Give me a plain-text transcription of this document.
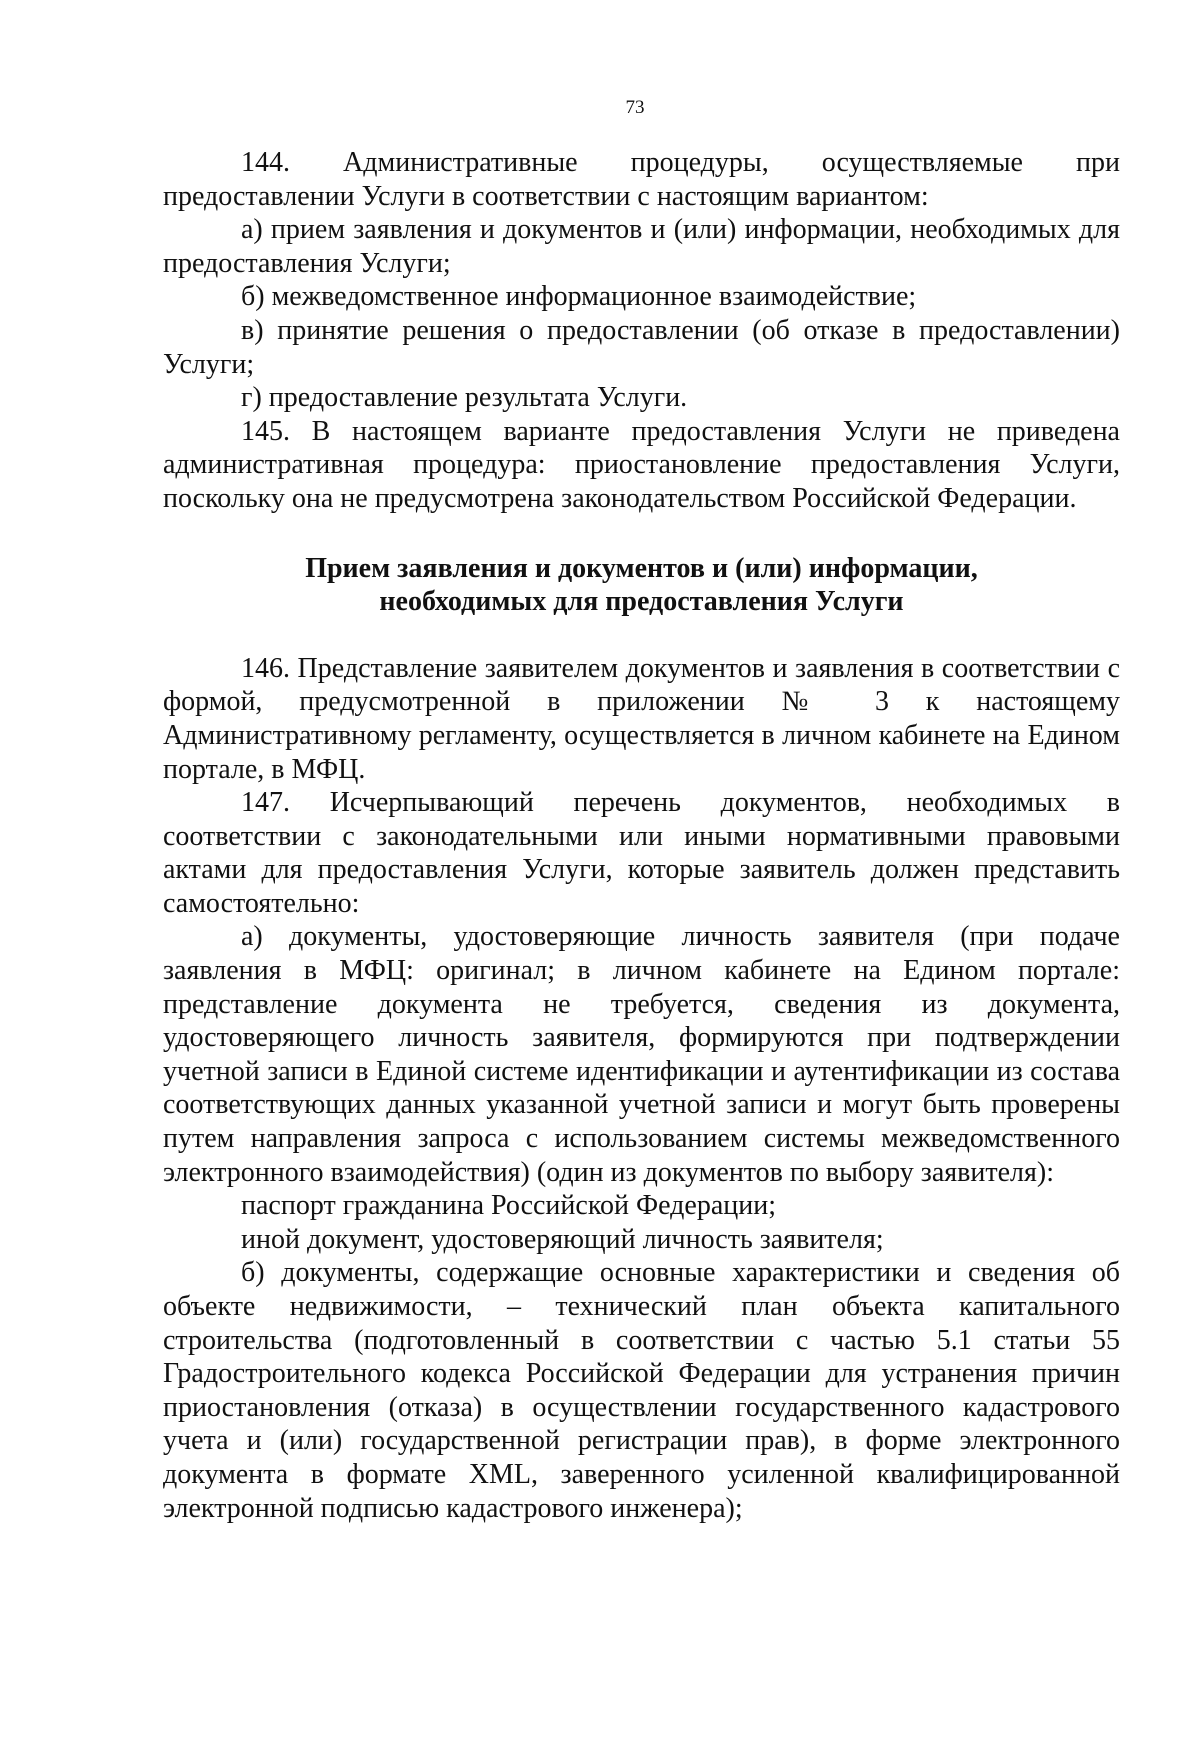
73

144. Административные процедуры, осуществляемые при предоставлении Услуги в соответствии с настоящим вариантом:

а) прием заявления и документов и (или) информации, необходимых для предоставления Услуги;

б) межведомственное информационное взаимодействие;

в) принятие решения о предоставлении (об отказе в предоставлении) Услуги;

г) предоставление результата Услуги.

145. В настоящем варианте предоставления Услуги не приведена административная процедура: приостановление предоставления Услуги, поскольку она не предусмотрена законодательством Российской Федерации.

Прием заявления и документов и (или) информации,
необходимых для предоставления Услуги

146. Представление заявителем документов и заявления в соответствии с формой, предусмотренной в приложении № 3 к настоящему Административному регламенту, осуществляется в личном кабинете на Едином портале, в МФЦ.

147. Исчерпывающий перечень документов, необходимых в соответствии с законодательными или иными нормативными правовыми актами для предоставления Услуги, которые заявитель должен представить самостоятельно:

а) документы, удостоверяющие личность заявителя (при подаче заявления в МФЦ: оригинал; в личном кабинете на Едином портале: представление документа не требуется, сведения из документа, удостоверяющего личность заявителя, формируются при подтверждении учетной записи в Единой системе идентификации и аутентификации из состава соответствующих данных указанной учетной записи и могут быть проверены путем направления запроса с использованием системы межведомственного электронного взаимодействия) (один из документов по выбору заявителя):

паспорт гражданина Российской Федерации;

иной документ, удостоверяющий личность заявителя;

б) документы, содержащие основные характеристики и сведения об объекте недвижимости, – технический план объекта капитального строительства (подготовленный в соответствии с частью 5.1 статьи 55 Градостроительного кодекса Российской Федерации для устранения причин приостановления (отказа) в осуществлении государственного кадастрового учета и (или) государственной регистрации прав), в форме электронного документа в формате XML, заверенного усиленной квалифицированной электронной подписью кадастрового инженера);
